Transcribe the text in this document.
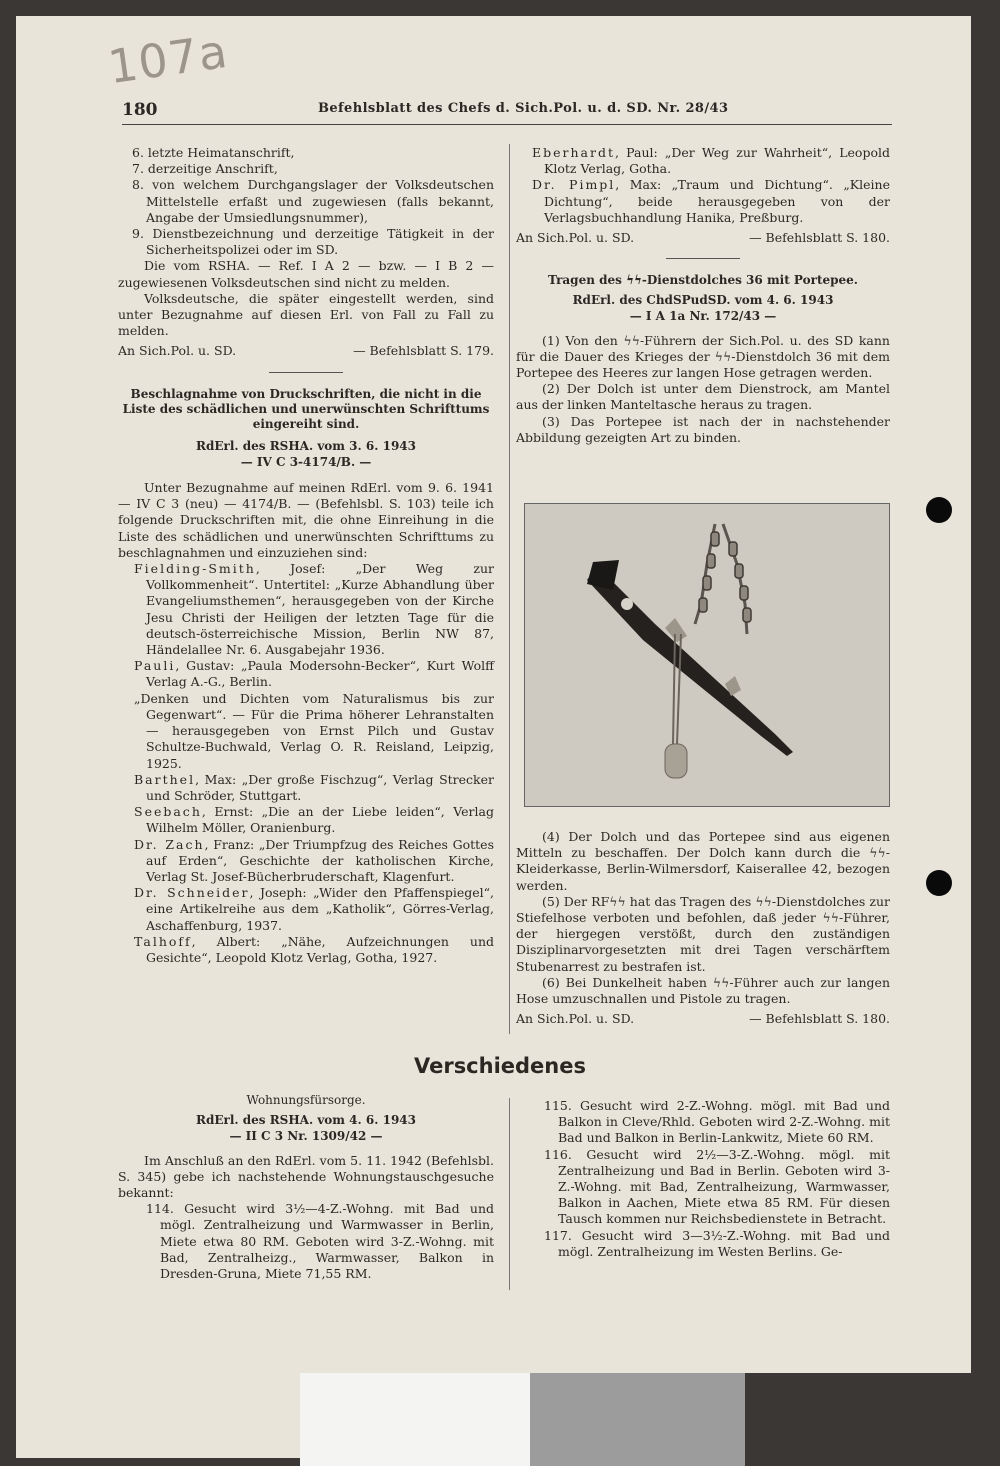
107a
180	Befehlsblatt des Chefs d. Sich.Pol. u. d. SD. Nr. 28/43

6. letzte Heimatanschrift,

7. derzeitige Anschrift,

8. von welchem Durchgangslager der Volksdeutschen Mittelstelle erfaßt und zugewiesen (falls bekannt, Angabe der Umsiedlungsnummer),

9. Dienstbezeichnung und derzeitige Tätigkeit in der Sicherheitspolizei oder im SD.

Die vom RSHA. — Ref. I A 2 — bzw. — I B 2 — zugewiesenen Volksdeutschen sind nicht zu melden.

Volksdeutsche, die später eingestellt werden, sind unter Bezugnahme auf diesen Erl. von Fall zu Fall zu melden.

An Sich.Pol. u. SD.	— Befehlsblatt S. 179.

Beschlagnahme von Druckschriften, die nicht in die Liste des schädlichen und unerwünschten Schrifttums eingereiht sind.

RdErl. des RSHA. vom 3. 6. 1943

— IV C 3-4174/B. —

Unter Bezugnahme auf meinen RdErl. vom 9. 6. 1941 — IV C 3 (neu) — 4174/B. — (Befehlsbl. S. 103) teile ich folgende Druckschriften mit, die ohne Einreihung in die Liste des schädlichen und unerwünschten Schrifttums zu beschlagnahmen und einzuziehen sind:

Fielding-Smith, Josef: „Der Weg zur Vollkommenheit“. Untertitel: „Kurze Abhandlung über Evangeliumsthemen“, herausgegeben von der Kirche Jesu Christi der Heiligen der letzten Tage für die deutsch-österreichische Mission, Berlin NW 87, Händelallee Nr. 6. Ausgabejahr 1936.

Pauli, Gustav: „Paula Modersohn-Becker“, Kurt Wolff Verlag A.-G., Berlin.

„Denken und Dichten vom Naturalismus bis zur Gegenwart“. — Für die Prima höherer Lehranstalten — herausgegeben von Ernst Pilch und Gustav Schultze-Buchwald, Verlag O. R. Reisland, Leipzig, 1925.

Barthel, Max: „Der große Fischzug“, Verlag Strecker und Schröder, Stuttgart.

Seebach, Ernst: „Die an der Liebe leiden“, Verlag Wilhelm Möller, Oranienburg.

Dr. Zach, Franz: „Der Triumpfzug des Reiches Gottes auf Erden“, Geschichte der katholischen Kirche, Verlag St. Josef-Bücherbruderschaft, Klagenfurt.

Dr. Schneider, Joseph: „Wider den Pfaffenspiegel“, eine Artikelreihe aus dem „Katholik“, Görres-Verlag, Aschaffenburg, 1937.

Talhoff, Albert: „Nähe, Aufzeichnungen und Gesichte“, Leopold Klotz Verlag, Gotha, 1927.

Eberhardt, Paul: „Der Weg zur Wahrheit“, Leopold Klotz Verlag, Gotha.

Dr. Pimpl, Max: „Traum und Dichtung“. „Kleine Dichtung“, beide herausgegeben von der Verlagsbuchhandlung Hanika, Preßburg.

An Sich.Pol. u. SD.	— Befehlsblatt S. 180.

Tragen des ϟϟ-Dienstdolches 36 mit Portepee.

RdErl. des ChdSPudSD. vom 4. 6. 1943

— I A 1a Nr. 172/43 —

(1) Von den ϟϟ-Führern der Sich.Pol. u. des SD kann für die Dauer des Krieges der ϟϟ-Dienstdolch 36 mit dem Portepee des Heeres zur langen Hose getragen werden.

(2) Der Dolch ist unter dem Dienstrock, am Mantel aus der linken Manteltasche heraus zu tragen.

(3) Das Portepee ist nach der in nachstehender Abbildung gezeigten Art zu binden.

(4) Der Dolch und das Portepee sind aus eigenen Mitteln zu beschaffen. Der Dolch kann durch die ϟϟ-Kleiderkasse, Berlin-Wilmersdorf, Kaiserallee 42, bezogen werden.

(5) Der RFϟϟ hat das Tragen des ϟϟ-Dienstdolches zur Stiefelhose verboten und befohlen, daß jeder ϟϟ-Führer, der hiergegen verstößt, durch den zuständigen Disziplinarvorgesetzten mit drei Tagen verschärftem Stubenarrest zu bestrafen ist.

(6) Bei Dunkelheit haben ϟϟ-Führer auch zur langen Hose umzuschnallen und Pistole zu tragen.

An Sich.Pol. u. SD.	— Befehlsblatt S. 180.
Verschiedenes

Wohnungsfürsorge.

RdErl. des RSHA. vom 4. 6. 1943

— II C 3 Nr. 1309/42 —

Im Anschluß an den RdErl. vom 5. 11. 1942 (Befehlsbl. S. 345) gebe ich nachstehende Wohnungstauschgesuche bekannt:

114. Gesucht wird 3½—4-Z.-Wohng. mit Bad und mögl. Zentralheizung und Warmwasser in Berlin, Miete etwa 80 RM. Geboten wird 3-Z.-Wohng. mit Bad, Zentralheizg., Warmwasser, Balkon in Dresden-Gruna, Miete 71,55 RM.

115. Gesucht wird 2-Z.-Wohng. mögl. mit Bad und Balkon in Cleve/Rhld. Geboten wird 2-Z.-Wohng. mit Bad und Balkon in Berlin-Lankwitz, Miete 60 RM.

116. Gesucht wird 2½—3-Z.-Wohng. mögl. mit Zentralheizung und Bad in Berlin. Geboten wird 3-Z.-Wohng. mit Bad, Zentralheizung, Warmwasser, Balkon in Aachen, Miete etwa 85 RM. Für diesen Tausch kommen nur Reichsbedienstete in Betracht.

117. Gesucht wird 3—3½-Z.-Wohng. mit Bad und mögl. Zentralheizung im Westen Berlins. Ge-
